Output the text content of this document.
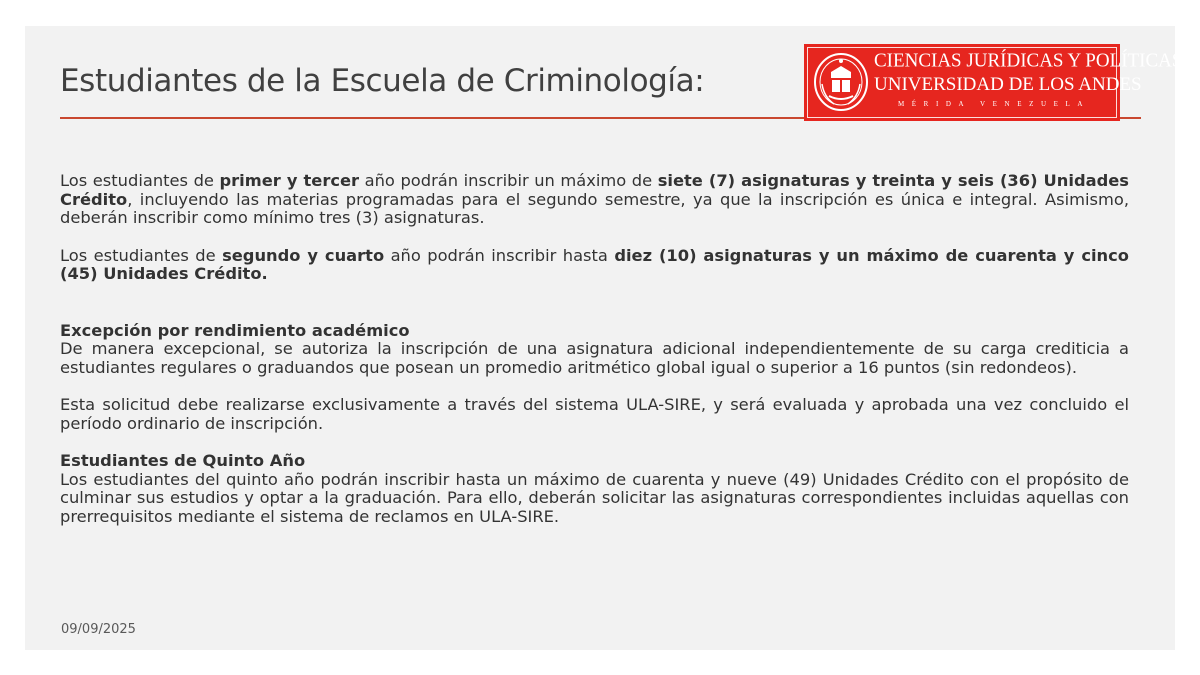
Estudiantes de la Escuela de Criminología:
CIENCIAS JURÍDICAS Y POLÍTICAS
UNIVERSIDAD DE LOS ANDES
MÉRIDA VENEZUELA

Los estudiantes de primer y tercer año podrán inscribir un máximo de siete (7) asignaturas y treinta y seis (36) Unidades Crédito, incluyendo las materias programadas para el segundo semestre, ya que la inscripción es única e integral. Asimismo, deberán inscribir como mínimo tres (3) asignaturas.

Los estudiantes de segundo y cuarto año podrán inscribir hasta diez (10) asignaturas y un máximo de cuarenta y cinco (45) Unidades Crédito.

Excepción por rendimiento académico

De manera excepcional, se autoriza la inscripción de una asignatura adicional independientemente de su carga crediticia a estudiantes regulares o graduandos que posean un promedio aritmético global igual o superior a 16 puntos (sin redondeos).

Esta solicitud debe realizarse exclusivamente a través del sistema ULA-SIRE, y será evaluada y aprobada una vez concluido el período ordinario de inscripción.

Estudiantes de Quinto Año

Los estudiantes del quinto año podrán inscribir hasta un máximo de cuarenta y nueve (49) Unidades Crédito con el propósito de culminar sus estudios y optar a la graduación. Para ello, deberán solicitar las asignaturas correspondientes incluidas aquellas con prerrequisitos mediante el sistema de reclamos en ULA-SIRE.

09/09/2025
